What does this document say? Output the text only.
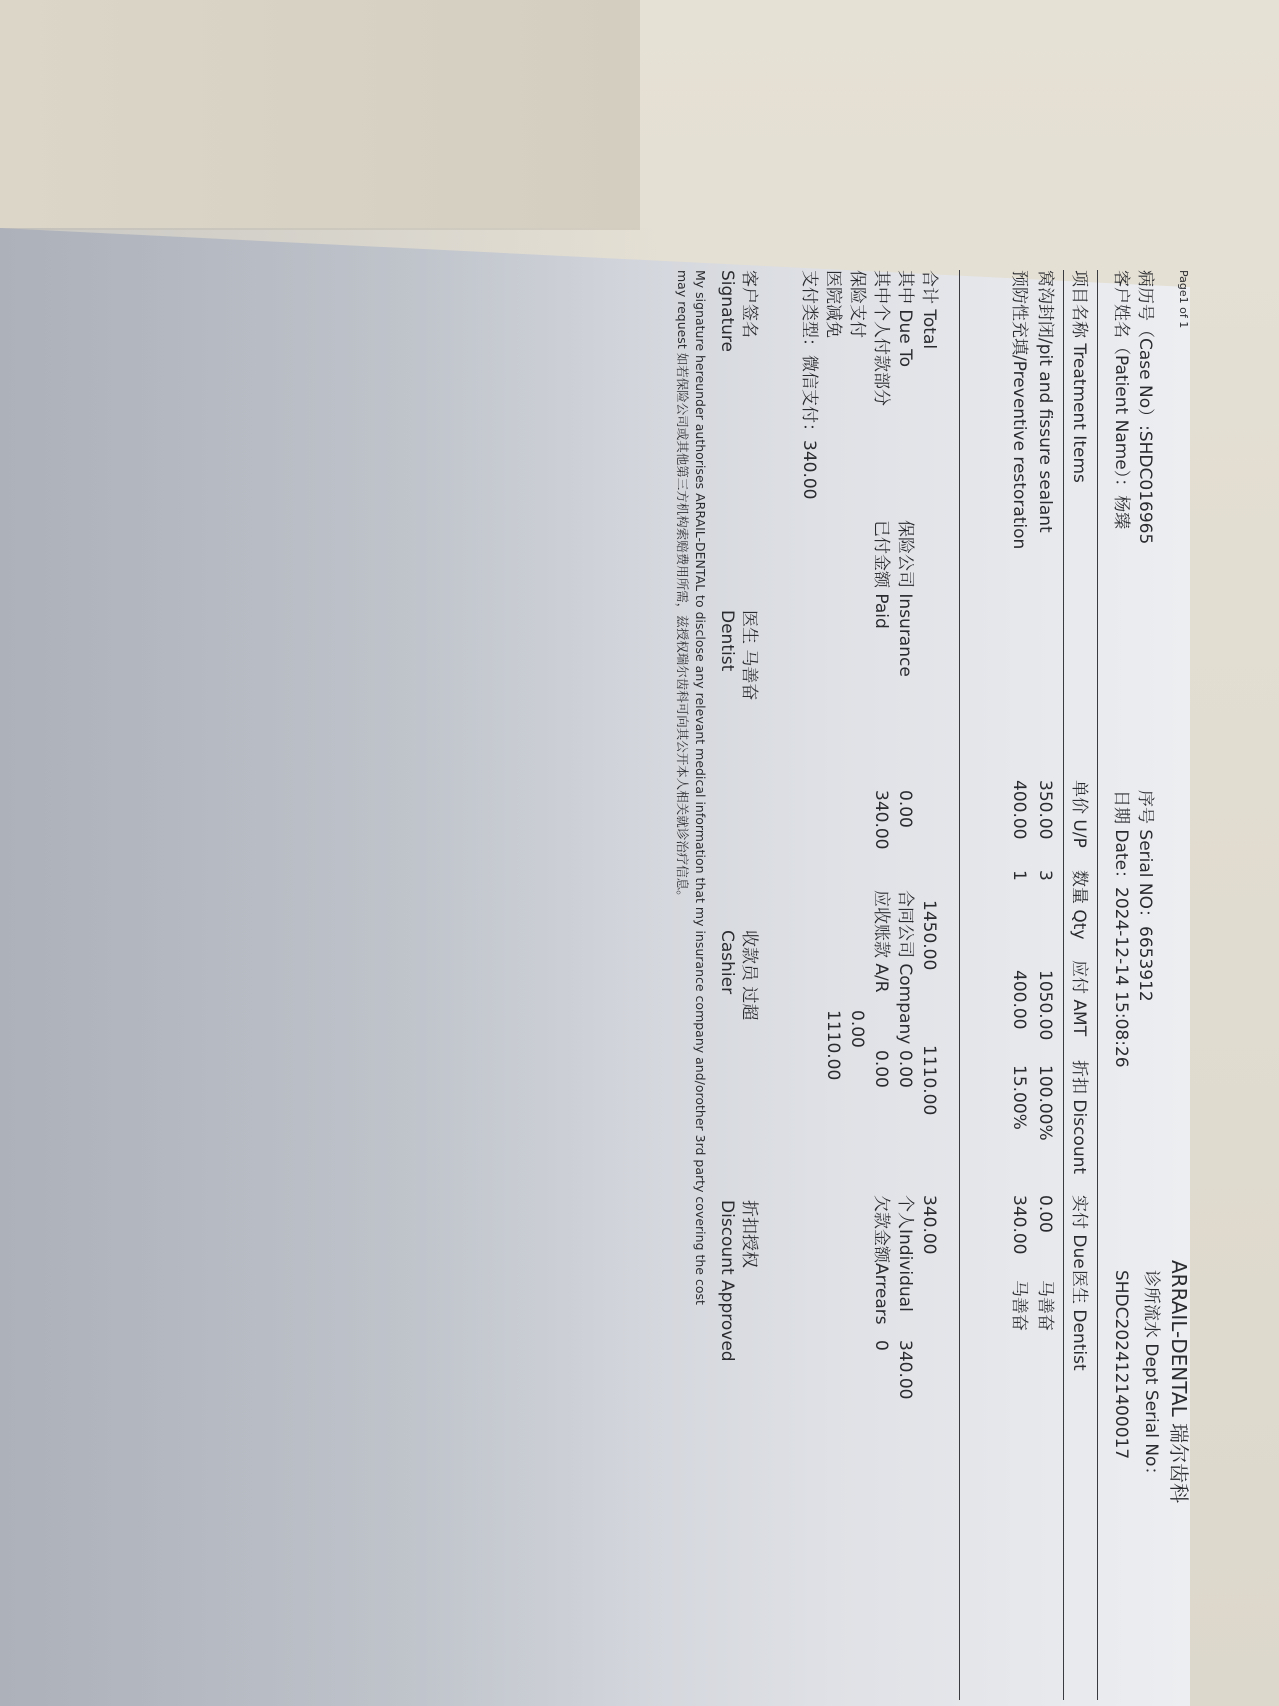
Page1 of 1
ARRAIL-DENTAL 瑞尔齿科
病历号（Case No）:SHDC016965
客户姓名（Patient Name）：杨臻
序号 Serial NO：6653912
日期 Date：2024-12-14 15:08:26
诊所流水 Dept Serial No：
SHDC2024121400017
项目名称 Treatment Items
单价 U/P
数量 Qty
应付 AMT
折扣 Discount
实付 Due
医生 Dentist
窝沟封闭/pit and fissure sealant
350.00
3
1050.00
100.00%
0.00
马善奋
预防性充填/Preventive restoration
400.00
1
400.00
15.00%
340.00
马善奋
合计 Total
1450.00
1110.00
340.00
其中 Due To
保险公司 Insurance
0.00
合同公司 Company
0.00
个人Individual
340.00
其中个人付款部分
已付金额 Paid
340.00
应收账款 A/R
0.00
欠款金额Arrears
0
保险支付
0.00
医院减免
1110.00
支付类型：微信支付：340.00
客户签名
Signature
医生 马善奋
Dentist
收款员 过超
Cashier
折扣授权
Discount Approved
My signature hereunder authorises ARRAIL-DENTAL to disclose any relevant medical information that my insurance company and/orother 3rd party covering the cost
may request 如若保险公司或其他第三方机构索赔费用所需，兹授权瑞尔齿科可向其公开本人相关就诊治疗信息。
